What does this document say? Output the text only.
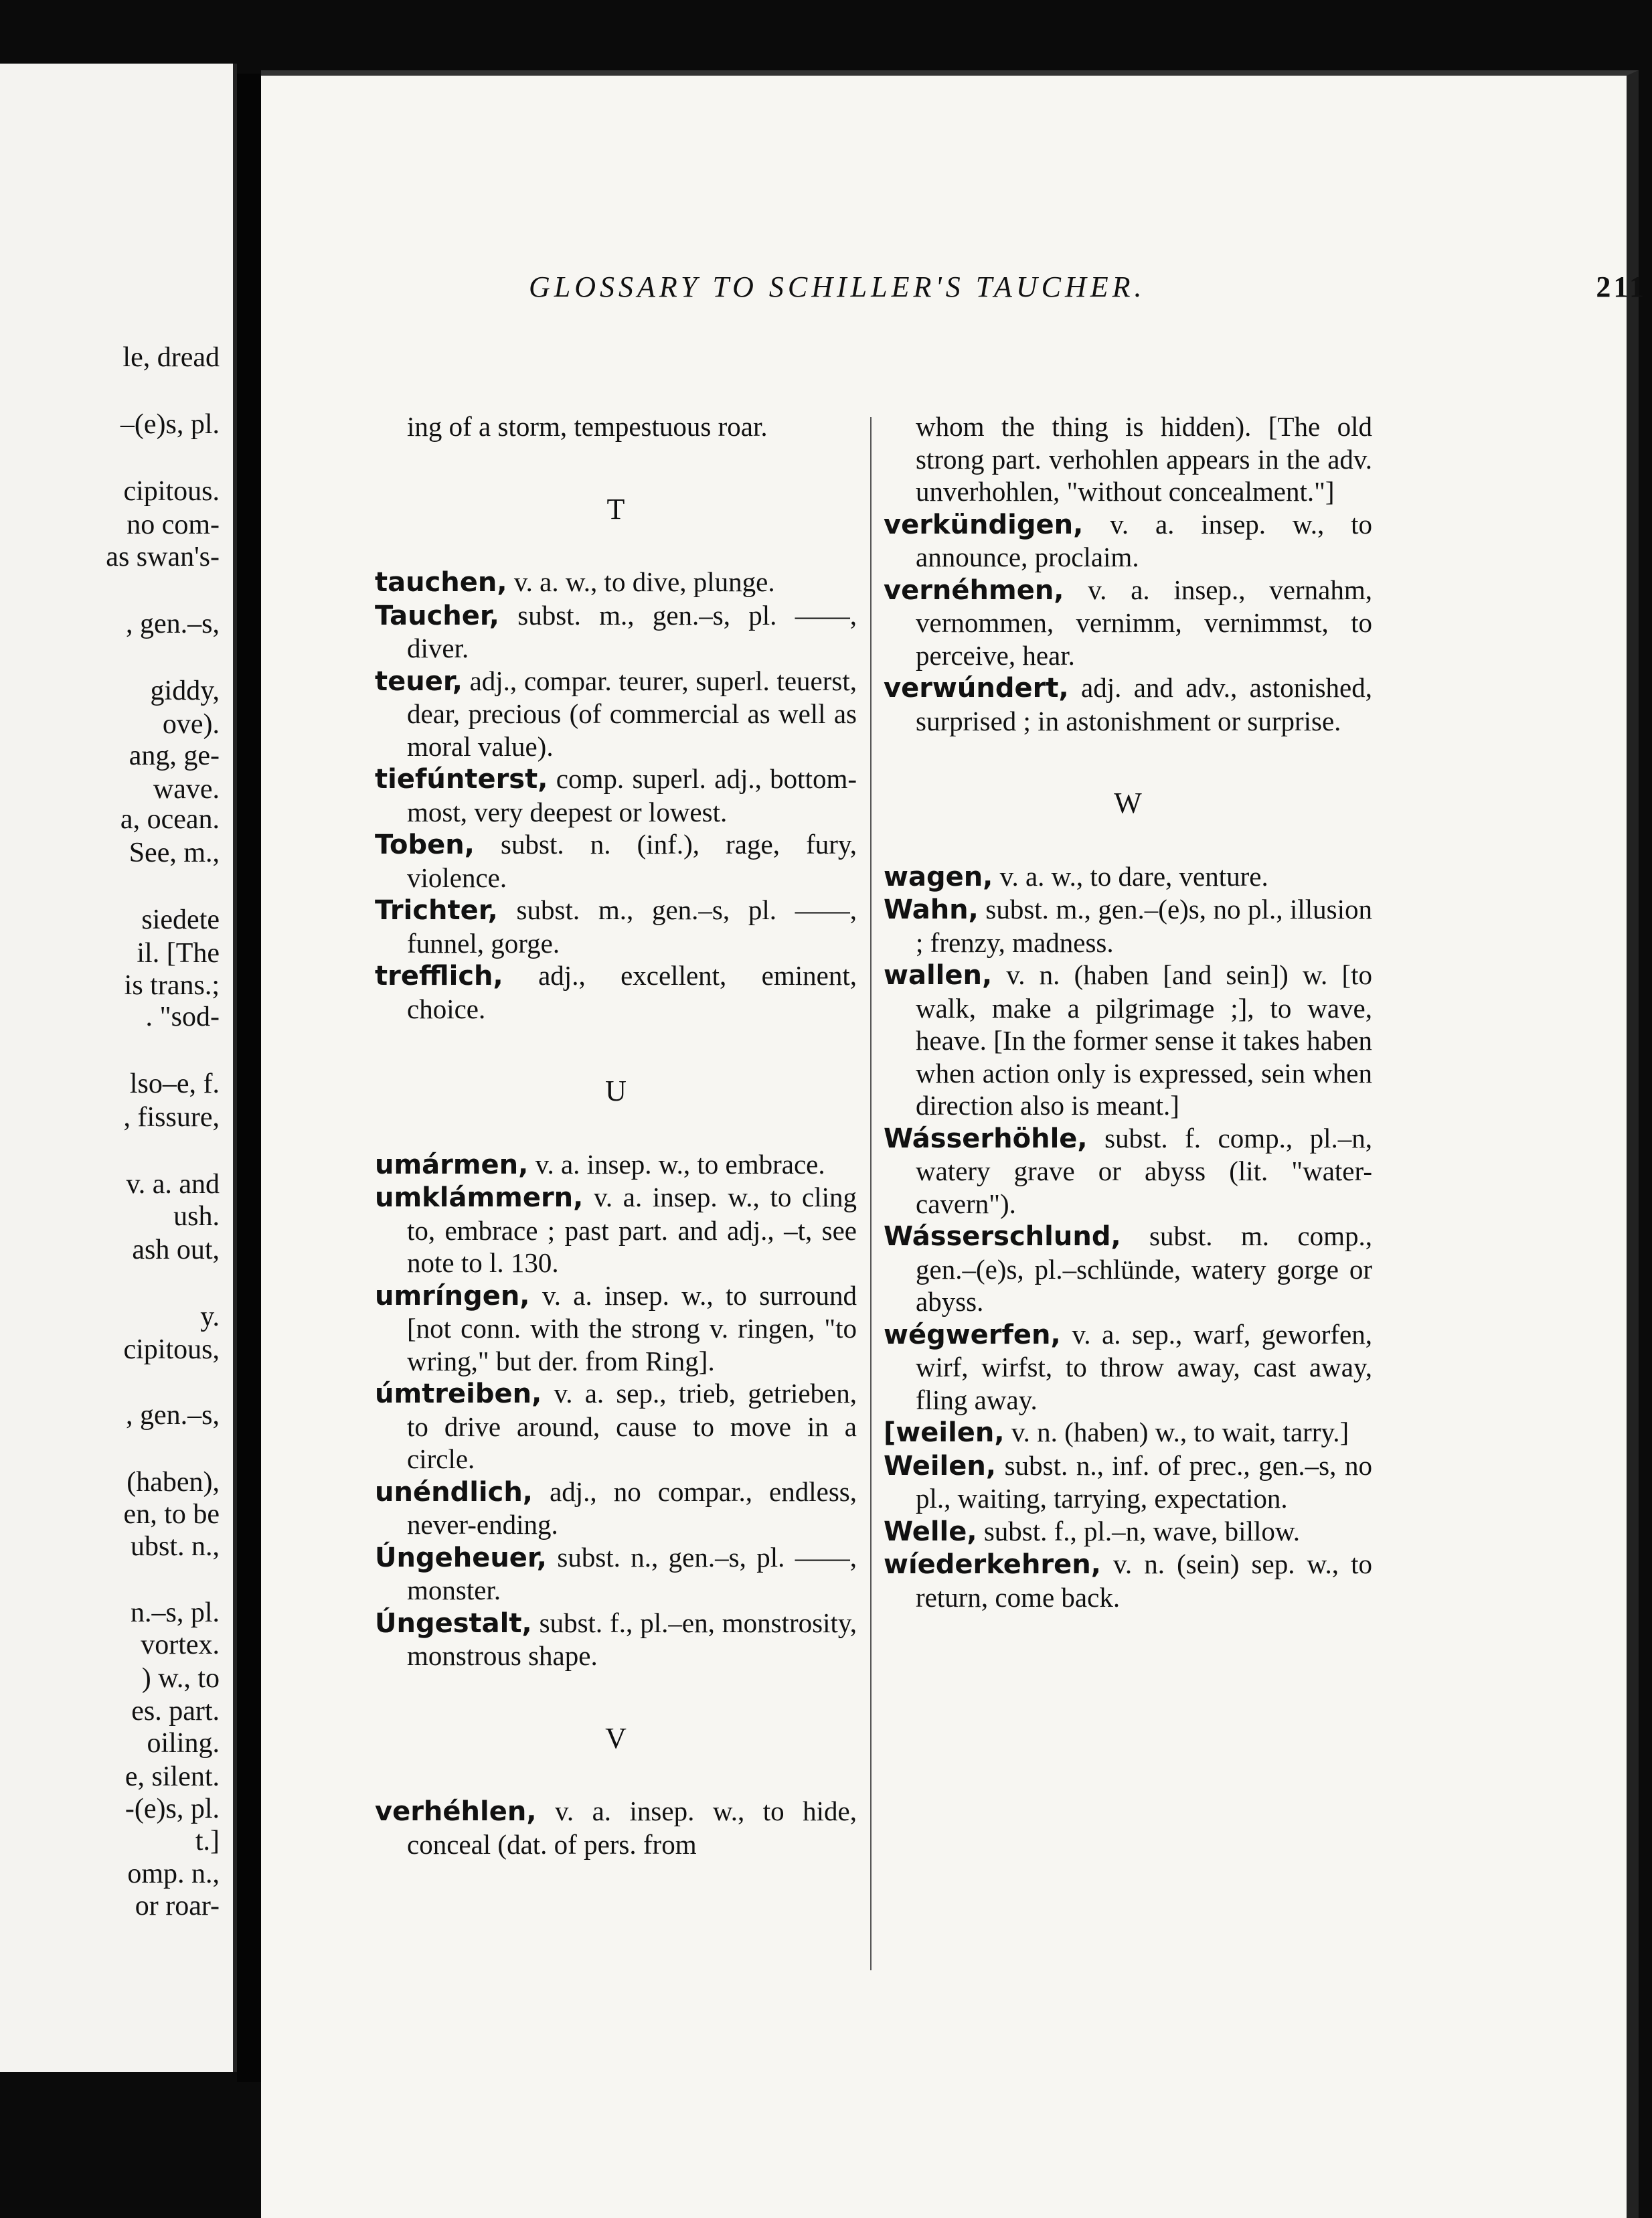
le, dread
–(e)s, pl.
cipitous.
no com-
as swan's-
, gen.–s,
giddy,
ove).
ang, ge-
wave.
a, ocean.
See, m.,
siedete
il. [The
is trans.;
. "sod-
lso–e, f.
, fissure,
v. a. and
ush.
ash out,
y.
cipitous,
, gen.–s,
(haben),
en, to be
ubst. n.,
n.–s, pl.
vortex.
) w., to
es. part.
oiling.
e, silent.
-(e)s, pl.
t.]
omp. n.,
or roar-
GLOSSARY TO SCHILLER'S TAUCHER.	211

ing of a storm, tempestuous roar.

T

tauchen, v. a. w., to dive, plunge.

Taucher, subst. m., gen.–s, pl. ——, diver.

teuer, adj., compar. teurer, superl. teuerst, dear, precious (of commercial as well as moral value).

tiefúnterst, comp. superl. adj., bottom-most, very deepest or lowest.

Toben, subst. n. (inf.), rage, fury, violence.

Trichter, subst. m., gen.–s, pl. ——, funnel, gorge.

trefflich, adj., excellent, eminent, choice.

U

umármen, v. a. insep. w., to embrace.

umklámmern, v. a. insep. w., to cling to, embrace ; past part. and adj., –t, see note to l. 130.

umríngen, v. a. insep. w., to surround [not conn. with the strong v. ringen, "to wring," but der. from Ring].

úmtreiben, v. a. sep., trieb, getrieben, to drive around, cause to move in a circle.

unéndlich, adj., no compar., endless, never-ending.

Úngeheuer, subst. n., gen.–s, pl. ——, monster.

Úngestalt, subst. f., pl.–en, monstrosity, monstrous shape.

V

verhéhlen, v. a. insep. w., to hide, conceal (dat. of pers. from

whom the thing is hidden). [The old strong part. verhohlen appears in the adv. unverhohlen, "without concealment."]

verkündigen, v. a. insep. w., to announce, proclaim.

vernéhmen, v. a. insep., vernahm, vernommen, vernimm, vernimmst, to perceive, hear.

verwúndert, adj. and adv., astonished, surprised ; in astonishment or surprise.

W

wagen, v. a. w., to dare, venture.

Wahn, subst. m., gen.–(e)s, no pl., illusion ; frenzy, madness.

wallen, v. n. (haben [and sein]) w. [to walk, make a pilgrimage ;], to wave, heave. [In the former sense it takes haben when action only is expressed, sein when direction also is meant.]

Wásserhöhle, subst. f. comp., pl.–n, watery grave or abyss (lit. "water-cavern").

Wásserschlund, subst. m. comp., gen.–(e)s, pl.–schlünde, watery gorge or abyss.

wégwerfen, v. a. sep., warf, geworfen, wirf, wirfst, to throw away, cast away, fling away.

[weilen, v. n. (haben) w., to wait, tarry.]

Weilen, subst. n., inf. of prec., gen.–s, no pl., waiting, tarrying, expectation.

Welle, subst. f., pl.–n, wave, billow.

wíederkehren, v. n. (sein) sep. w., to return, come back.
